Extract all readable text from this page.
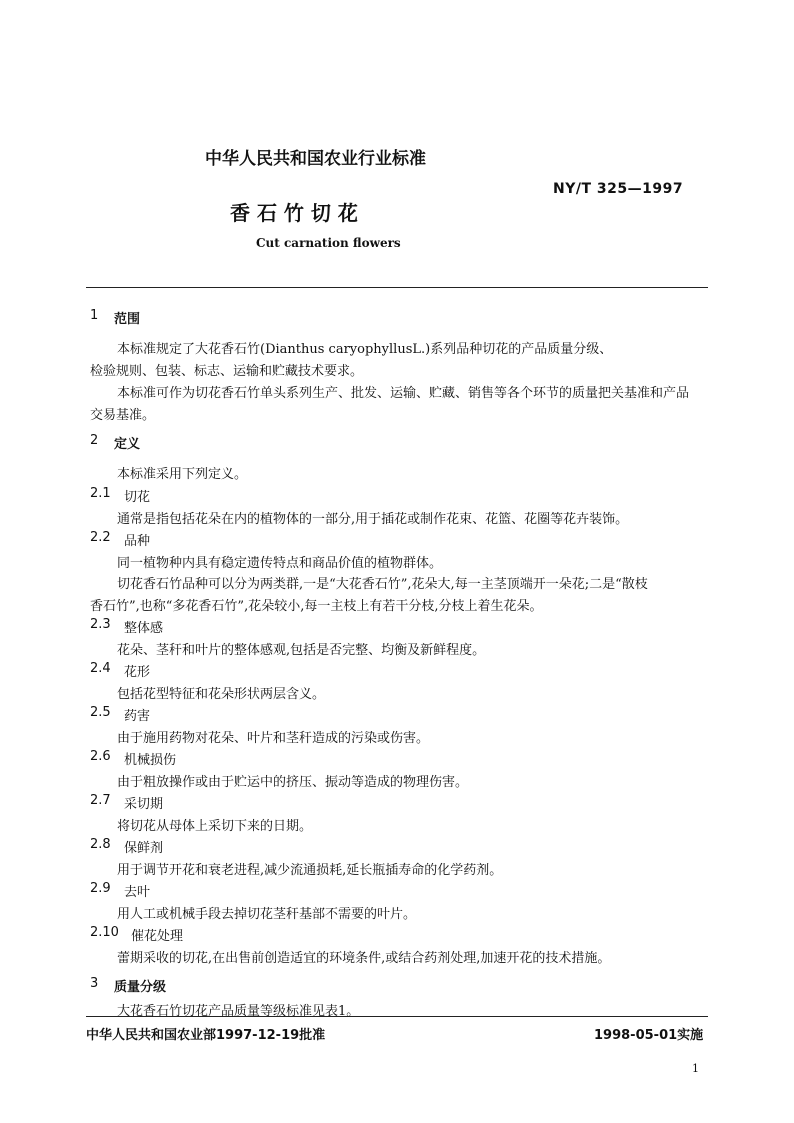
中华人民共和国农业行业标准
NY/T 325—1997
香 石 竹 切 花
Cut carnation flowers
1 范围
本标准规定了大花香石竹(Dianthus caryophyllusL.)系列品种切花的产品质量分级、
检验规则、包装、标志、运输和贮藏技术要求。
本标准可作为切花香石竹单头系列生产、批发、运输、贮藏、销售等各个环节的质量把关基准和产品
交易基准。
2 定义
本标准采用下列定义。
2.1 切花
通常是指包括花朵在内的植物体的一部分,用于插花或制作花束、花篮、花圈等花卉装饰。
2.2 品种
同一植物种内具有稳定遗传特点和商品价值的植物群体。
切花香石竹品种可以分为两类群,一是“大花香石竹”,花朵大,每一主茎顶端开一朵花;二是“散枝
香石竹”,也称“多花香石竹”,花朵较小,每一主枝上有若干分枝,分枝上着生花朵。
2.3 整体感
花朵、茎秆和叶片的整体感观,包括是否完整、均衡及新鲜程度。
2.4 花形
包括花型特征和花朵形状两层含义。
2.5 药害
由于施用药物对花朵、叶片和茎秆造成的污染或伤害。
2.6 机械损伤
由于粗放操作或由于贮运中的挤压、振动等造成的物理伤害。
2.7 采切期
将切花从母体上采切下来的日期。
2.8 保鲜剂
用于调节开花和衰老进程,减少流通损耗,延长瓶插寿命的化学药剂。
2.9 去叶
用人工或机械手段去掉切花茎秆基部不需要的叶片。
2.10 催花处理
蕾期采收的切花,在出售前创造适宜的环境条件,或结合药剂处理,加速开花的技术措施。
3 质量分级
大花香石竹切花产品质量等级标准见表1。
中华人民共和国农业部1997-12-19批准	1998-05-01实施
1
